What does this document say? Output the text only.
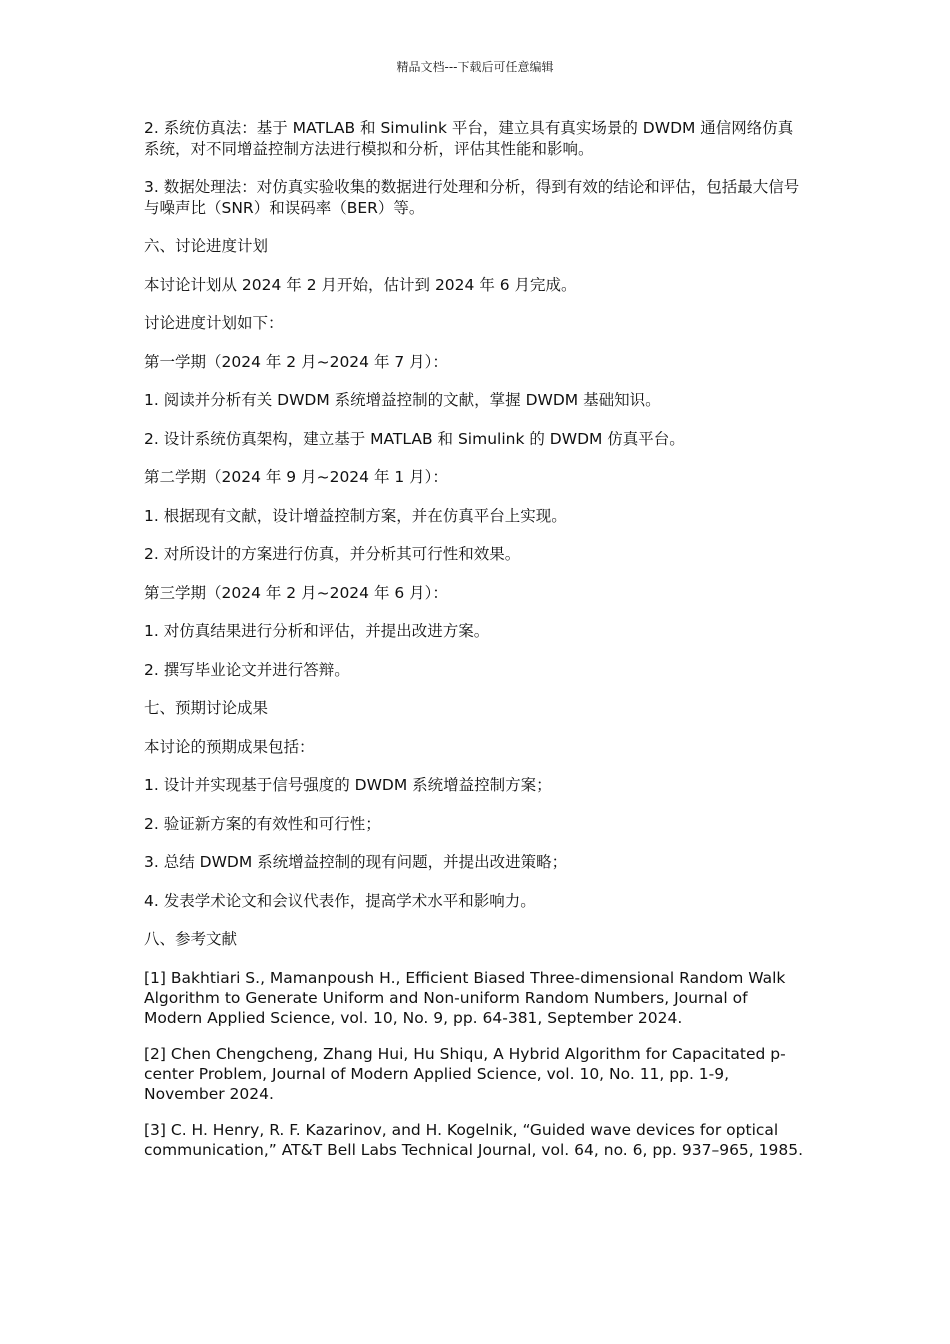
精品文档---下载后可任意编辑

2. 系统仿真法：基于 MATLAB 和 Simulink 平台，建立具有真实场景的 DWDM 通信网络仿真系统，对不同增益控制方法进行模拟和分析，评估其性能和影响。

3. 数据处理法：对仿真实验收集的数据进行处理和分析，得到有效的结论和评估，包括最大信号与噪声比（SNR）和误码率（BER）等。

六、讨论进度计划

本讨论计划从 2024 年 2 月开始，估计到 2024 年 6 月完成。

讨论进度计划如下：

第一学期（2024 年 2 月~2024 年 7 月）：

1. 阅读并分析有关 DWDM 系统增益控制的文献，掌握 DWDM 基础知识。

2. 设计系统仿真架构，建立基于 MATLAB 和 Simulink 的 DWDM 仿真平台。

第二学期（2024 年 9 月~2024 年 1 月）：

1. 根据现有文献，设计增益控制方案，并在仿真平台上实现。

2. 对所设计的方案进行仿真，并分析其可行性和效果。

第三学期（2024 年 2 月~2024 年 6 月）：

1. 对仿真结果进行分析和评估，并提出改进方案。

2. 撰写毕业论文并进行答辩。

七、预期讨论成果

本讨论的预期成果包括：

1. 设计并实现基于信号强度的 DWDM 系统增益控制方案；

2. 验证新方案的有效性和可行性；

3. 总结 DWDM 系统增益控制的现有问题，并提出改进策略；

4. 发表学术论文和会议代表作，提高学术水平和影响力。

八、参考文献

[1] Bakhtiari S., Mamanpoush H., Efficient Biased Three-dimensional Random Walk Algorithm to Generate Uniform and Non-uniform Random Numbers, Journal of Modern Applied Science, vol. 10, No. 9, pp. 64-381, September 2024.

[2] Chen Chengcheng, Zhang Hui, Hu Shiqu, A Hybrid Algorithm for Capacitated p-center Problem, Journal of Modern Applied Science, vol. 10, No. 11, pp. 1-9, November 2024.

[3] C. H. Henry, R. F. Kazarinov, and H. Kogelnik, “Guided wave devices for optical communication,” AT&T Bell Labs Technical Journal, vol. 64, no. 6, pp. 937–965, 1985.
